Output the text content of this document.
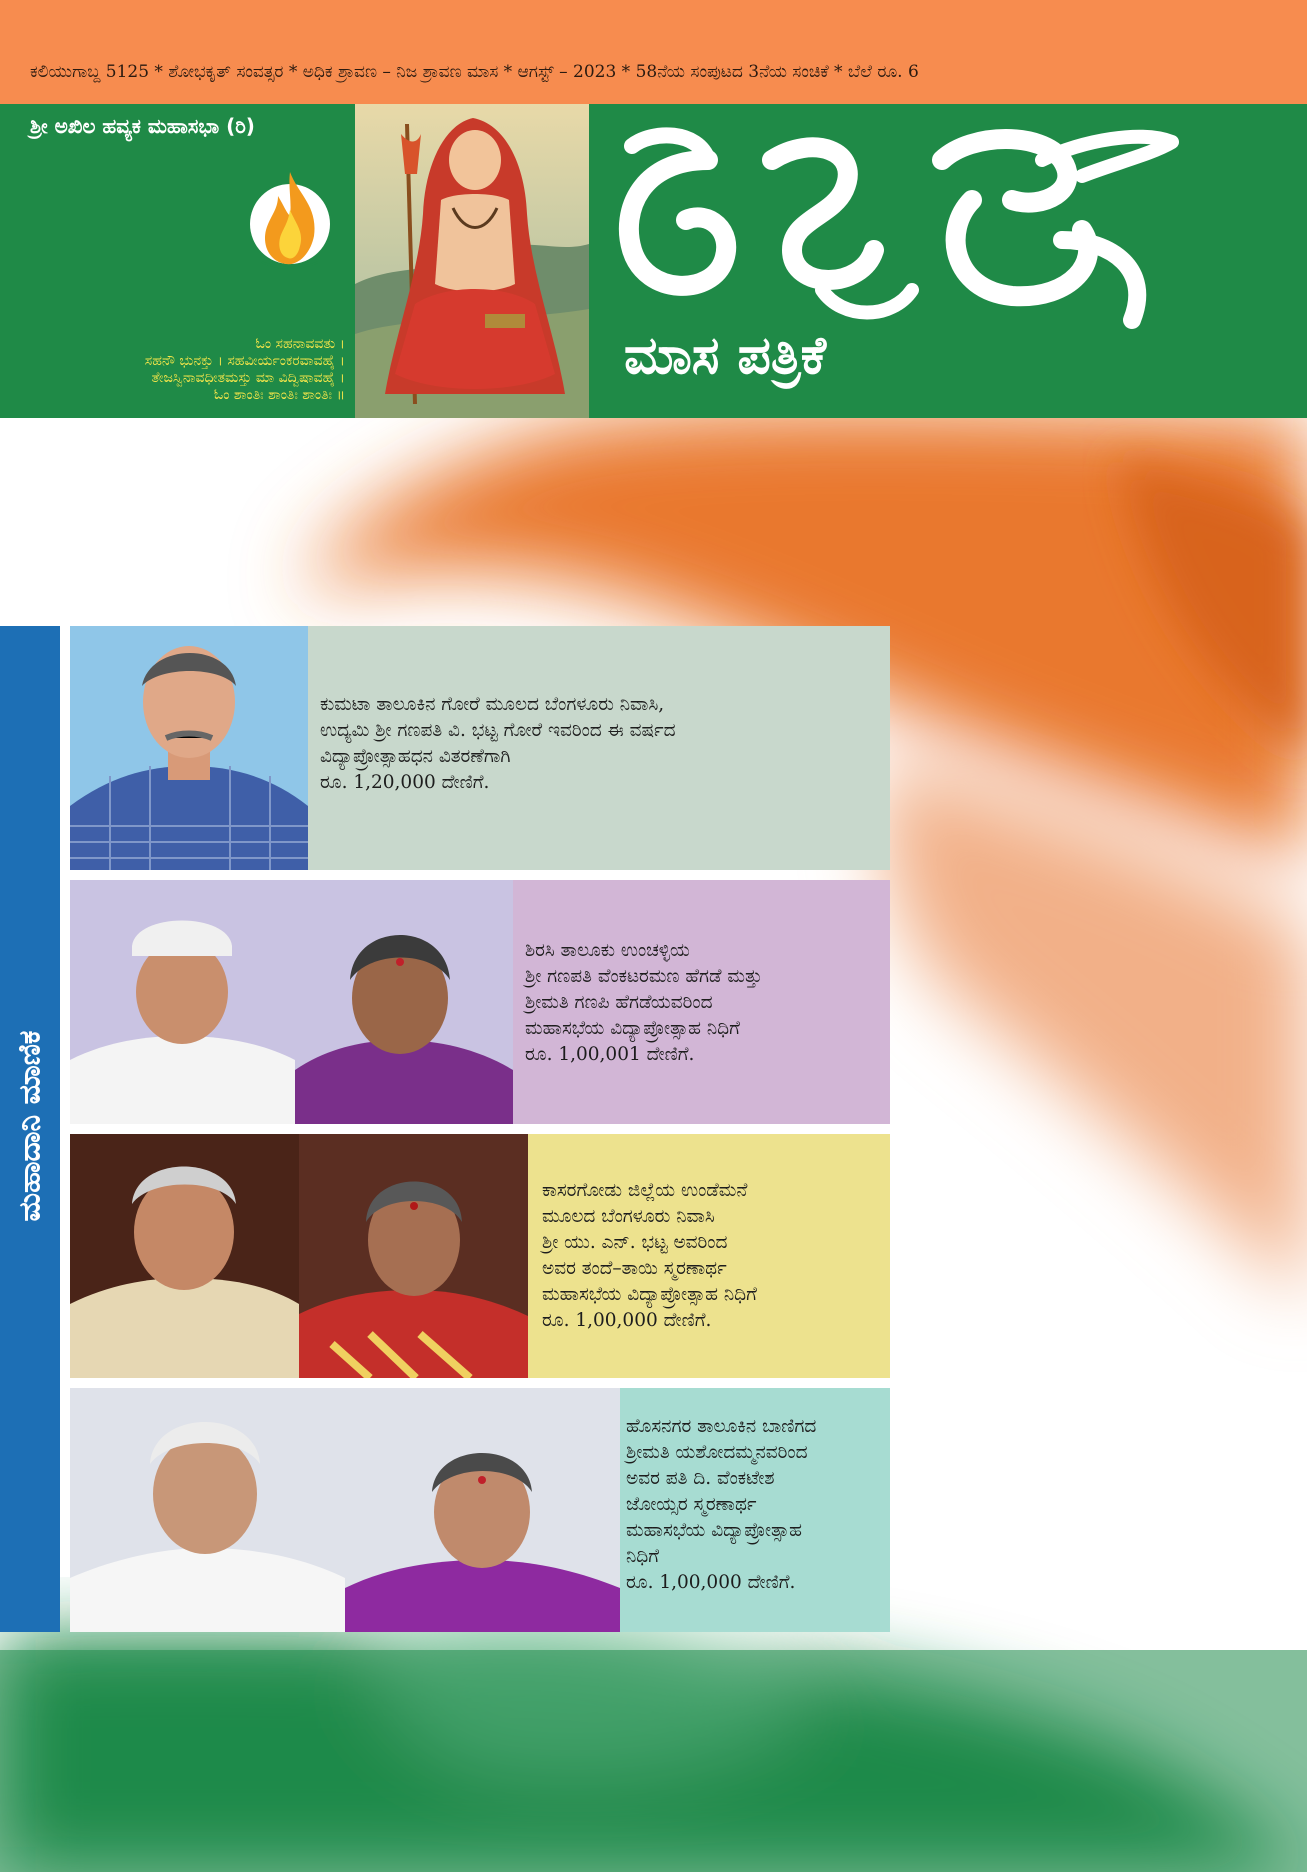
ಕಲಿಯುಗಾಬ್ದ 5125 * ಶೋಭಕೃತ್ ಸಂವತ್ಸರ * ಅಧಿಕ ಶ್ರಾವಣ – ನಿಜ ಶ್ರಾವಣ ಮಾಸ * ಆಗಸ್ಟ್ – 2023 * 58ನೆಯ ಸಂಪುಟದ 3ನೆಯ ಸಂಚಿಕೆ * ಬೆಲೆ ರೂ. 6
ಶ್ರೀ ಅಖಿಲ ಹವ್ಯಕ ಮಹಾಸಭಾ (ರಿ)
ಓಂ ಸಹನಾವವತು ।
ಸಹನೌ ಭುನಕ್ತು । ಸಹವೀರ್ಯಂಕರವಾವಹೈ ।
ತೇಜಸ್ವಿನಾವಧೀತಮಸ್ತು ಮಾ ವಿದ್ವಿಷಾವಹೈ ।
ಓಂ ಶಾಂತಿಃ ಶಾಂತಿಃ ಶಾಂತಿಃ ॥
ಮಾಸ ಪತ್ರಿಕೆ
ಮಹಾದಾನಿ ಮಾಣಿಕ
ಕುಮಟಾ ತಾಲೂಕಿನ ಗೋರೆ ಮೂಲದ ಬೆಂಗಳೂರು ನಿವಾಸಿ,
ಉದ್ಯಮಿ ಶ್ರೀ ಗಣಪತಿ ವಿ. ಭಟ್ಟ ಗೋರೆ ಇವರಿಂದ ಈ ವರ್ಷದ
ವಿದ್ಯಾಪ್ರೋತ್ಸಾಹಧನ ವಿತರಣೆಗಾಗಿ
ರೂ. 1,20,000 ದೇಣಿಗೆ.
ಶಿರಸಿ ತಾಲೂಕು ಉಂಚಳ್ಳಿಯ
ಶ್ರೀ ಗಣಪತಿ ವೆಂಕಟರಮಣ ಹೆಗಡೆ ಮತ್ತು
ಶ್ರೀಮತಿ ಗಣಪಿ ಹೆಗಡೆಯವರಿಂದ
ಮಹಾಸಭೆಯ ವಿದ್ಯಾಪ್ರೋತ್ಸಾಹ ನಿಧಿಗೆ
ರೂ. 1,00,001 ದೇಣಿಗೆ.
ಕಾಸರಗೋಡು ಜಿಲ್ಲೆಯ ಉಂಡೆಮನೆ
ಮೂಲದ ಬೆಂಗಳೂರು ನಿವಾಸಿ
ಶ್ರೀ ಯು. ಎನ್. ಭಟ್ಟ ಅವರಿಂದ
ಅವರ ತಂದೆ–ತಾಯಿ ಸ್ಮರಣಾರ್ಥ
ಮಹಾಸಭೆಯ ವಿದ್ಯಾಪ್ರೋತ್ಸಾಹ ನಿಧಿಗೆ
ರೂ. 1,00,000 ದೇಣಿಗೆ.
ಹೊಸನಗರ ತಾಲೂಕಿನ ಬಾಣಿಗದ
ಶ್ರೀಮತಿ ಯಶೋದಮ್ಮನವರಿಂದ
ಅವರ ಪತಿ ದಿ. ವೆಂಕಟೇಶ
ಜೋಯ್ಸರ ಸ್ಮರಣಾರ್ಥ
ಮಹಾಸಭೆಯ ವಿದ್ಯಾಪ್ರೋತ್ಸಾಹ
ನಿಧಿಗೆ
ರೂ. 1,00,000 ದೇಣಿಗೆ.
